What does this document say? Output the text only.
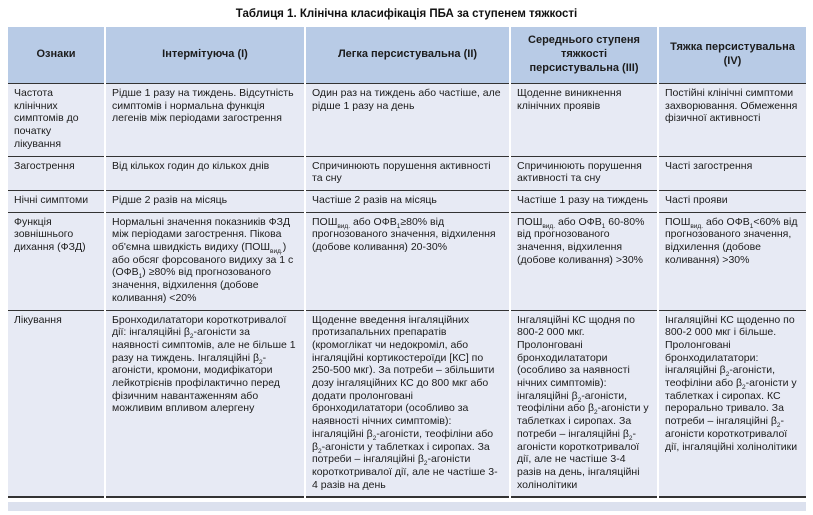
Таблиця 1. Клінічна класифікація ПБА за ступенем тяжкості
Ознаки	Інтермітуюча (I)	Легка персистувальна (II)	Середнього ступеня тяжкості персистувальна (III)	Тяжка персистувальна (IV)
Частота клінічних симптомів до початку лікування	Рідше 1 разу на тиждень. Відсутність симптомів і нормальна функція легенів між періодами загострення	Один раз на тиждень або частіше, але рідше 1 разу на день	Щоденне виникнення клінічних проявів	Постійні клінічні симптоми захворювання. Обмеження фізичної активності
Загострення	Від кількох годин до кількох днів	Спричинюють порушення активності та сну	Спричинюють порушення активності та сну	Часті загострення
Нічні симптоми	Рідше 2 разів на місяць	Частіше 2 разів на місяць	Частіше 1 разу на тиждень	Часті прояви
Функція зовнішнього дихання (ФЗД)	Нормальні значення показників ФЗД між періодами загострення. Пікова об'ємна швидкість видиху $(ПОШ_{вид.})$ або обсяг форсованого видиху за 1 с $(ОФВ_1) \ge 80\%$ від прогнозованого значення, відхилення (добове коливання) <20%	$ПОШ_{вид.}$ або $ОФВ_1\ge 80\%$ від прогнозованого значення, відхилення (добове коливання) 20-30%	$ПОШ_{вид.}$ або $ОФВ_1$ 60-80% від прогнозованого значення, відхилення (добове коливання) >30%	$ПОШ_{вид.}$ або $ОФВ_1<60\%$ від прогнозованого значення, відхилення (добове коливання) >30%
Лікування	Бронходилататори короткотривалої дії: інгаляційні $\beta_2$-агоністи за наявності симптомів, але не більше 1 разу на тиждень. Інгаляційні $\beta_2$-агоністи, кромони, модифікатори лейкотрієнів профілактично перед фізичним навантаженням або можливим впливом алергену	Щоденне введення інгаляційних протизапальних препаратів (кромоглікат чи недокроміл, або інгаляційні кортикостероїди [КС] по 250-500 мкг). За потреби – збільшити дозу інгаляційних КС до 800 мкг або додати пролонговані бронходилататори (особливо за наявності нічних симптомів): інгаляційні $\beta_2$-агоністи, теофіліни або $\beta_2$-агоністи у таблетках і сиропах. За потреби – інгаляційні $\beta_2$-агоністи короткотривалої дії, але не частіше 3-4 разів на день	Інгаляційні КС щодня по 800-2 000 мкг. Пролонговані бронходилататори (особливо за наявності нічних симптомів): інгаляційні $\beta_2$-агоністи, теофіліни або $\beta_2$-агоністи у таблетках і сиропах. За потреби – інгаляційні $\beta_2$-агоністи короткотривалої дії, але не частіше 3-4 разів на день, інгаляційні холінолітики	Інгаляційні КС щоденно по 800-2 000 мкг і більше. Пролонговані бронходилататори: інгаляційні $\beta_2$-агоністи, теофіліни або $\beta_2$-агоністи у таблетках і сиропах. КС перорально тривало. За потреби – інгаляційні $\beta_2$-агоністи короткотривалої дії, інгаляційні холінолітики
